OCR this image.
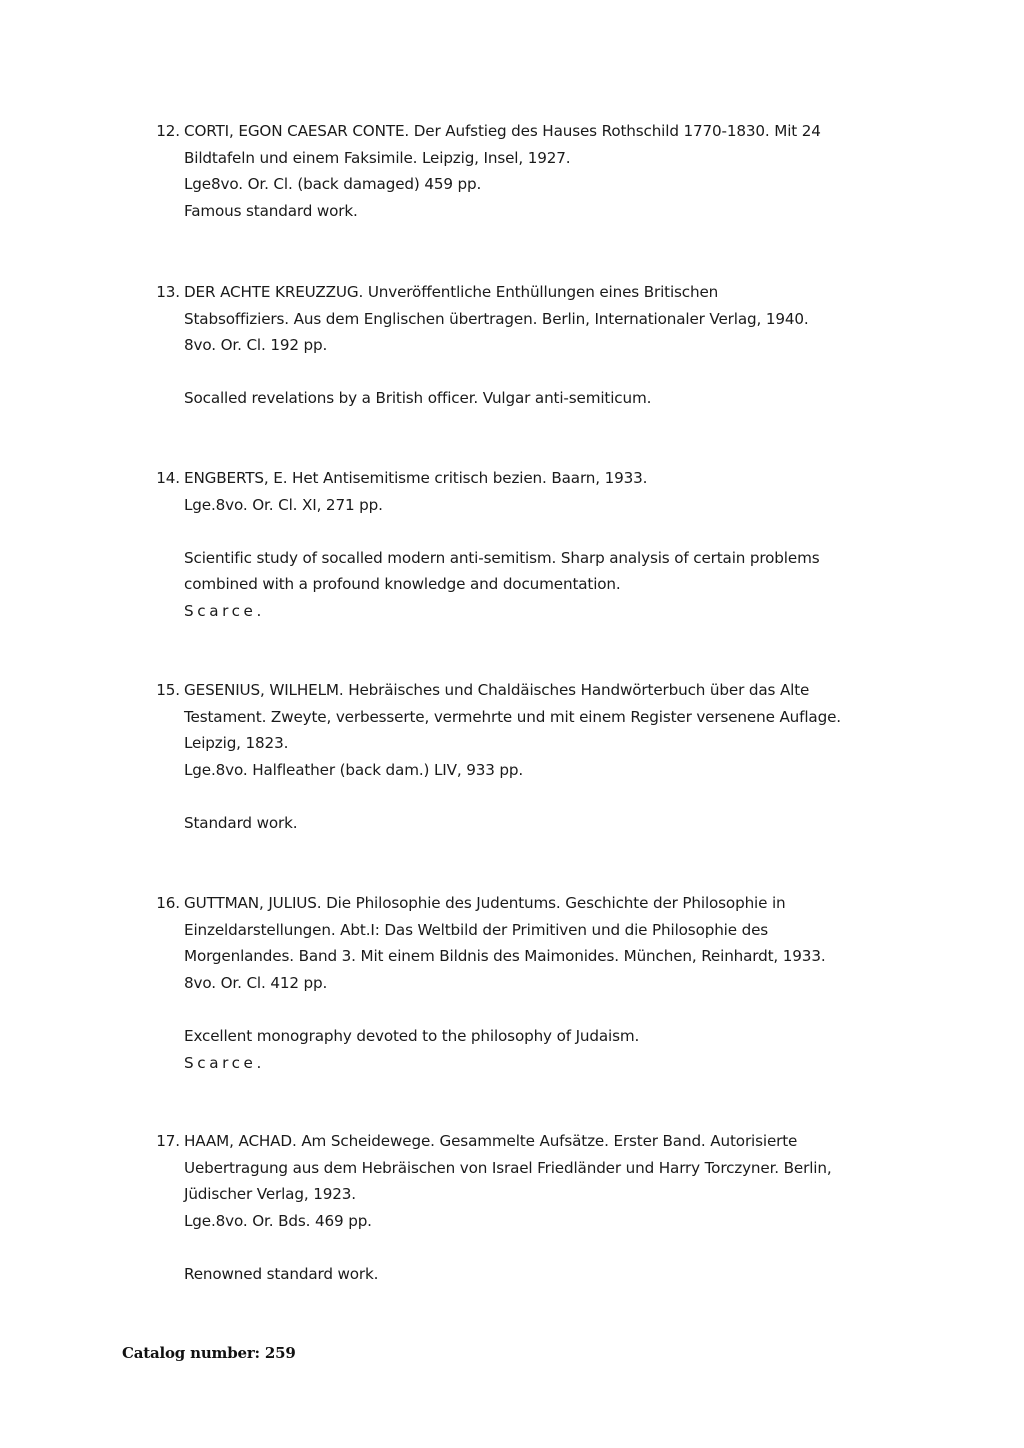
12. CORTI, EGON CAESAR CONTE. Der Aufstieg des Hauses Rothschild 1770-1830. Mit 24
Bildtafeln und einem Faksimile. Leipzig, Insel, 1927.
Lge8vo. Or. Cl. (back damaged) 459 pp.
Famous standard work.
13. DER ACHTE KREUZZUG. Unveröffentliche Enthüllungen eines Britischen
Stabsoffiziers. Aus dem Englischen übertragen. Berlin, Internationaler Verlag, 1940.
8vo. Or. Cl. 192 pp.
Socalled revelations by a British officer. Vulgar anti-semiticum.
14. ENGBERTS, E. Het Antisemitisme critisch bezien. Baarn, 1933.
Lge.8vo. Or. Cl. XI, 271 pp.
Scientific study of socalled modern anti-semitism. Sharp analysis of certain problems
combined with a profound knowledge and documentation.
Scarce.
15. GESENIUS, WILHELM. Hebräisches und Chaldäisches Handwörterbuch über das Alte
Testament. Zweyte, verbesserte, vermehrte und mit einem Register versenene Auflage.
Leipzig, 1823.
Lge.8vo. Halfleather (back dam.) LIV, 933 pp.
Standard work.
16. GUTTMAN, JULIUS. Die Philosophie des Judentums. Geschichte der Philosophie in
Einzeldarstellungen. Abt.I: Das Weltbild der Primitiven und die Philosophie des
Morgenlandes. Band 3. Mit einem Bildnis des Maimonides. München, Reinhardt, 1933.
8vo. Or. Cl. 412 pp.
Excellent monography devoted to the philosophy of Judaism.
Scarce.
17. HAAM, ACHAD. Am Scheidewege. Gesammelte Aufsätze. Erster Band. Autorisierte
Uebertragung aus dem Hebräischen von Israel Friedländer und Harry Torczyner. Berlin,
Jüdischer Verlag, 1923.
Lge.8vo. Or. Bds. 469 pp.
Renowned standard work.
Catalog number: 259
